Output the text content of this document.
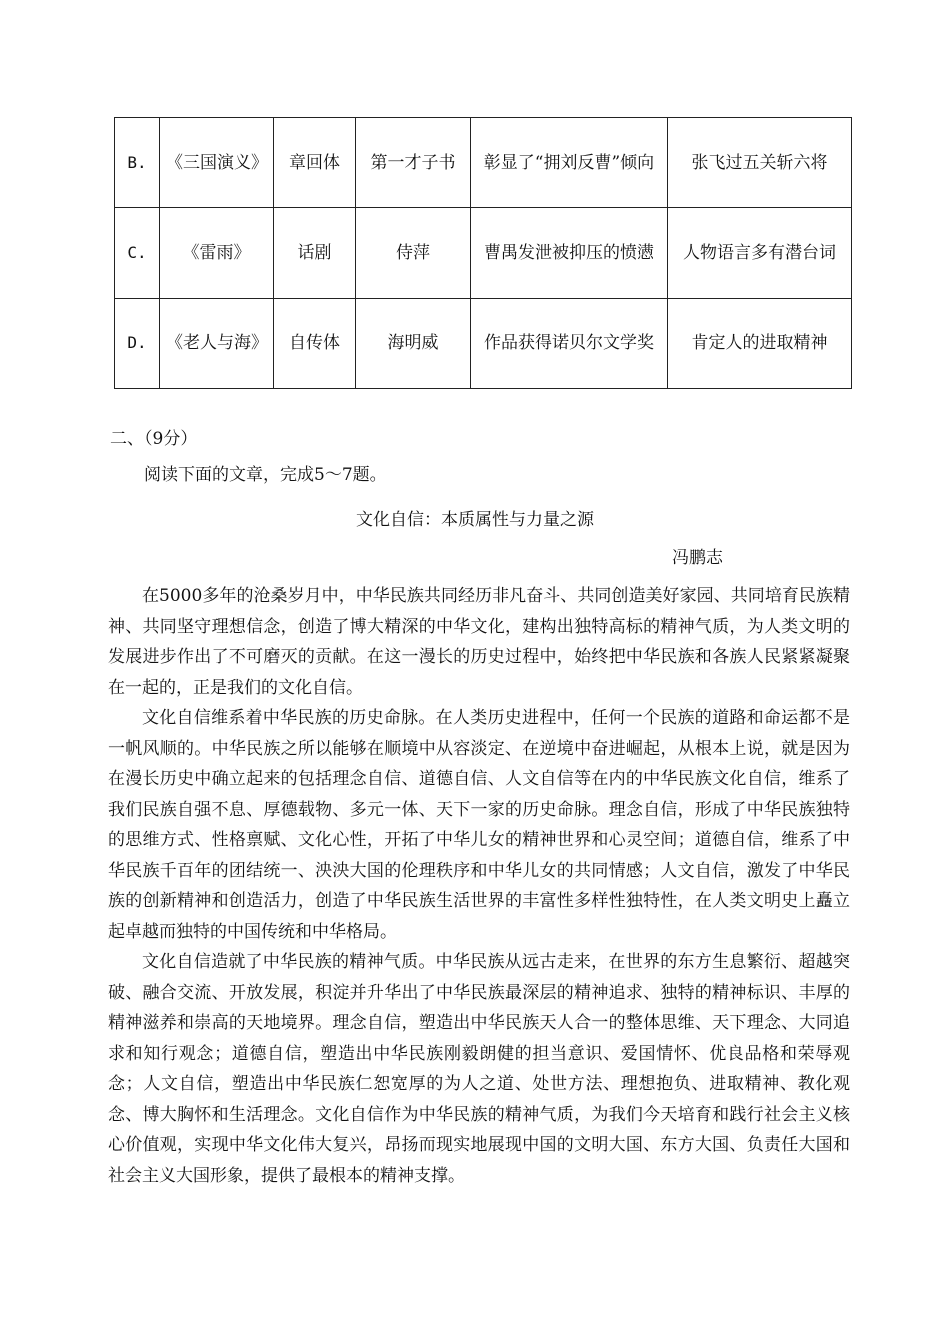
B.	《三国演义》	章回体	第一才子书	彰显了“拥刘反曹”倾向	张飞过五关斩六将
C.	《雷雨》	话剧	侍萍	曹禺发泄被抑压的愤懑	人物语言多有潜台词
D.	《老人与海》	自传体	海明威	作品获得诺贝尔文学奖	肯定人的进取精神
二、（9分）
阅读下面的文章，完成5～7题。
文化自信：本质属性与力量之源
冯鹏志

在5000多年的沧桑岁月中，中华民族共同经历非凡奋斗、共同创造美好家园、共同培育民族精神、共同坚守理想信念，创造了博大精深的中华文化，建构出独特高标的精神气质，为人类文明的发展进步作出了不可磨灭的贡献。在这一漫长的历史过程中，始终把中华民族和各族人民紧紧凝聚在一起的，正是我们的文化自信。

文化自信维系着中华民族的历史命脉。在人类历史进程中，任何一个民族的道路和命运都不是一帆风顺的。中华民族之所以能够在顺境中从容淡定、在逆境中奋进崛起，从根本上说，就是因为在漫长历史中确立起来的包括理念自信、道德自信、人文自信等在内的中华民族文化自信，维系了我们民族自强不息、厚德载物、多元一体、天下一家的历史命脉。理念自信，形成了中华民族独特的思维方式、性格禀赋、文化心性，开拓了中华儿女的精神世界和心灵空间；道德自信，维系了中华民族千百年的团结统一、泱泱大国的伦理秩序和中华儿女的共同情感；人文自信，激发了中华民族的创新精神和创造活力，创造了中华民族生活世界的丰富性多样性独特性，在人类文明史上矗立起卓越而独特的中国传统和中华格局。

文化自信造就了中华民族的精神气质。中华民族从远古走来，在世界的东方生息繁衍、超越突破、融合交流、开放发展，积淀并升华出了中华民族最深层的精神追求、独特的精神标识、丰厚的精神滋养和崇高的天地境界。理念自信，塑造出中华民族天人合一的整体思维、天下理念、大同追求和知行观念；道德自信，塑造出中华民族刚毅朗健的担当意识、爱国情怀、优良品格和荣辱观念；人文自信，塑造出中华民族仁恕宽厚的为人之道、处世方法、理想抱负、进取精神、教化观念、博大胸怀和生活理念。文化自信作为中华民族的精神气质，为我们今天培育和践行社会主义核心价值观，实现中华文化伟大复兴，昂扬而现实地展现中国的文明大国、东方大国、负责任大国和社会主义大国形象，提供了最根本的精神支撑。
